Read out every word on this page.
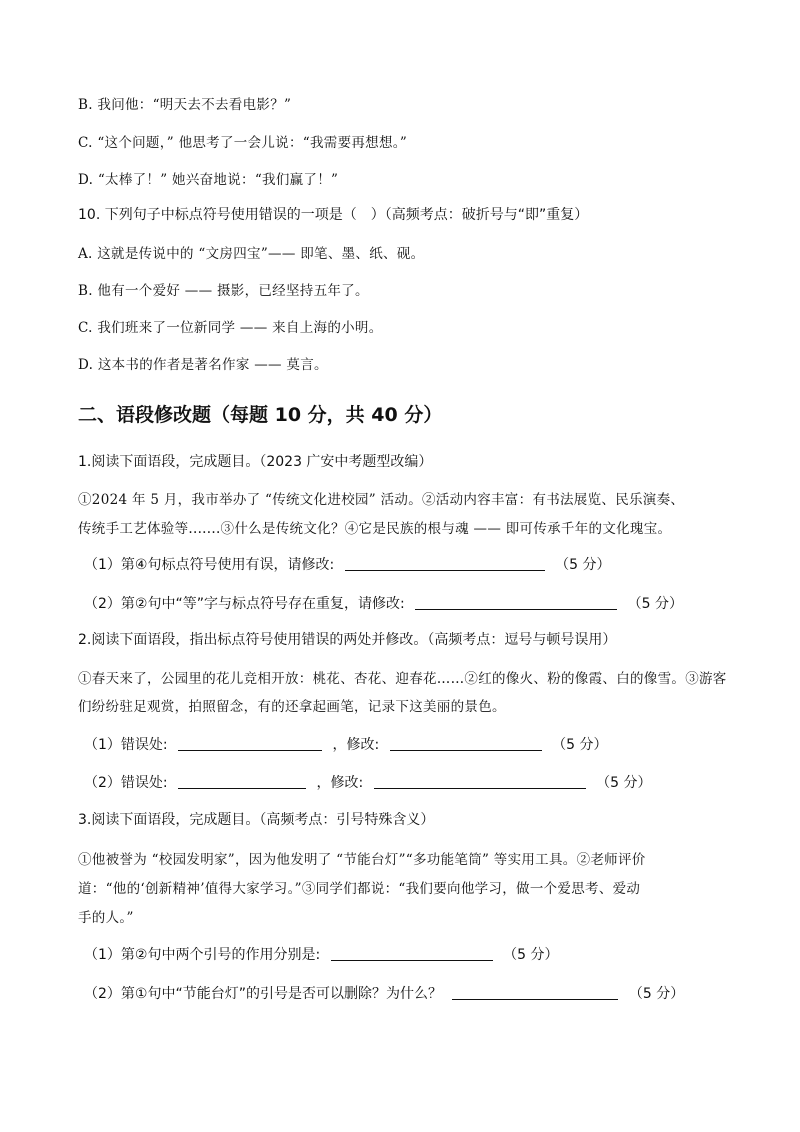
B. 我问他：“明天去不去看电影？”
C. “这个问题，” 他思考了一会儿说：“我需要再想想。”
D. “太棒了！” 她兴奋地说：“我们赢了！”
10. 下列句子中标点符号使用错误的一项是（　）（高频考点：破折号与“即”重复）
A. 这就是传说中的 “文房四宝”—— 即笔、墨、纸、砚。
B. 他有一个爱好 —— 摄影，已经坚持五年了。
C. 我们班来了一位新同学 —— 来自上海的小明。
D. 这本书的作者是著名作家 —— 莫言。
二、语段修改题（每题 10 分，共 40 分）
1.阅读下面语段，完成题目。（2023 广安中考题型改编）
①2024 年 5 月，我市举办了 “传统文化进校园” 活动。②活动内容丰富：有书法展览、民乐演奏、
传统手工艺体验等.......③什么是传统文化？④它是民族的根与魂 —— 即可传承千年的文化瑰宝。
（1）第④句标点符号使用有误，请修改:	（5 分）
（2）第②句中“等”字与标点符号存在重复，请修改:	（5 分）
2.阅读下面语段，指出标点符号使用错误的两处并修改。（高频考点：逗号与顿号误用）
①春天来了，公园里的花儿竞相开放：桃花、杏花、迎春花……②红的像火、粉的像霞、白的像雪。③游客
们纷纷驻足观赏，拍照留念，有的还拿起画笔，记录下这美丽的景色。
（1）错误处:	，修改:	（5 分）
（2）错误处:	，修改:	（5 分）
3.阅读下面语段，完成题目。（高频考点：引号特殊含义）
①他被誉为 “校园发明家”，因为他发明了 “节能台灯”“多功能笔筒” 等实用工具。②老师评价
道：“他的‘创新精神’值得大家学习。”③同学们都说：“我们要向他学习，做一个爱思考、爱动
手的人。”
（1）第②句中两个引号的作用分别是:	（5 分）
（2）第①句中“节能台灯”的引号是否可以删除？为什么？	（5 分）
